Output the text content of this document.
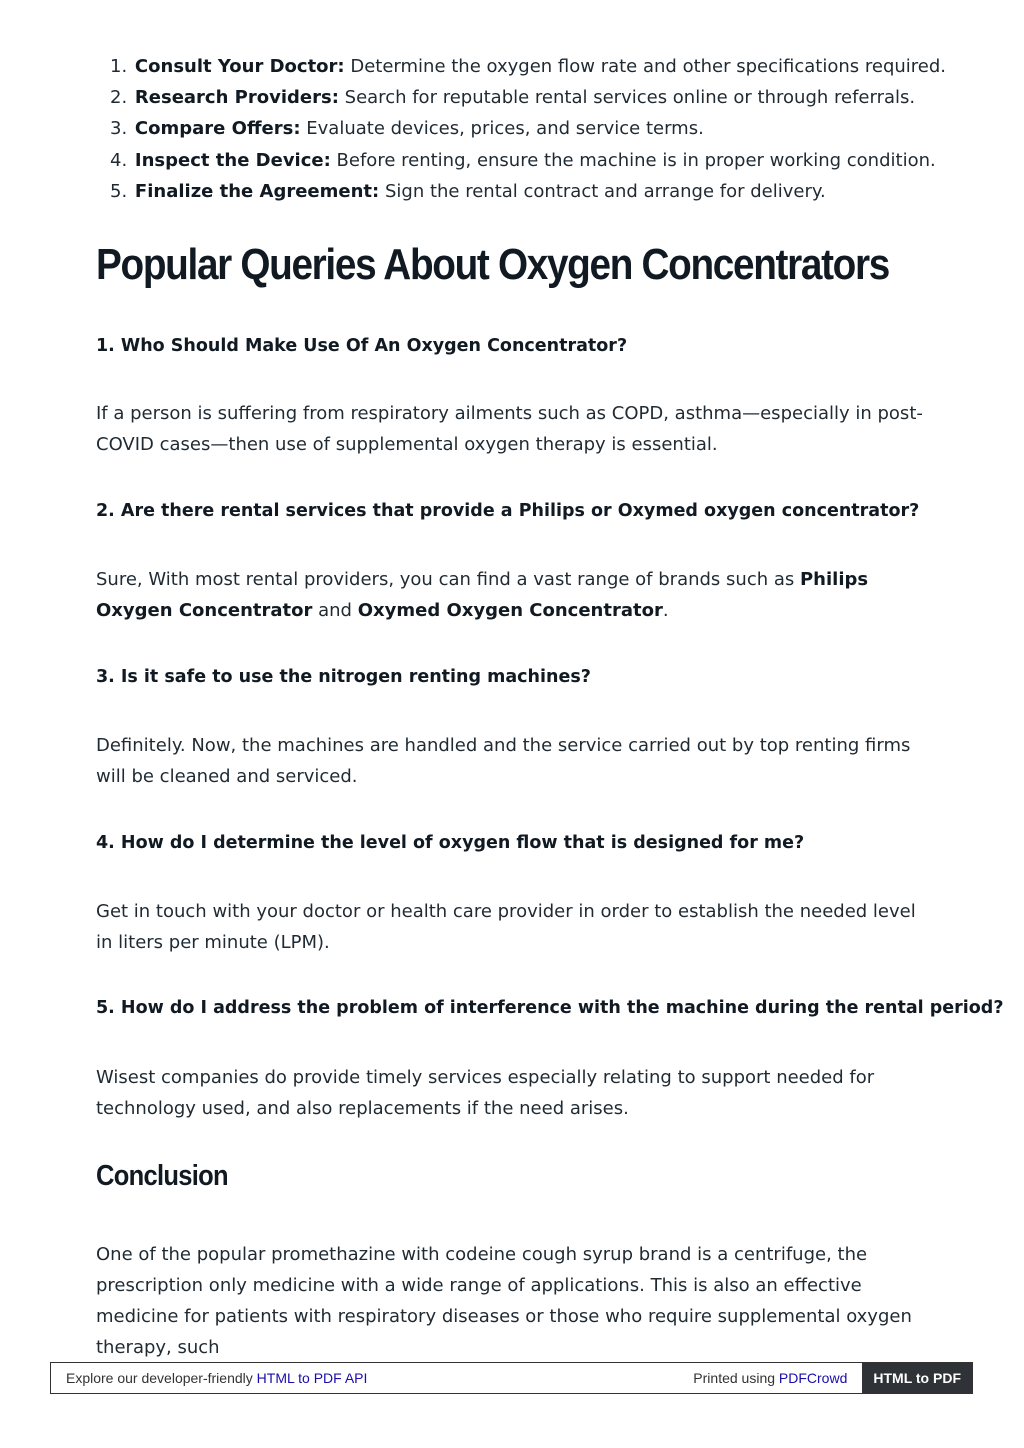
1. Consult Your Doctor: Determine the oxygen flow rate and other specifications required.
2. Research Providers: Search for reputable rental services online or through referrals.
3. Compare Offers: Evaluate devices, prices, and service terms.
4. Inspect the Device: Before renting, ensure the machine is in proper working condition.
5. Finalize the Agreement: Sign the rental contract and arrange for delivery.
Popular Queries About Oxygen Concentrators

1. Who Should Make Use Of An Oxygen Concentrator?

If a person is suffering from respiratory ailments such as COPD, asthma—especially in post-COVID cases—then use of supplemental oxygen therapy is essential.

2. Are there rental services that provide a Philips or Oxymed oxygen concentrator?

Sure, With most rental providers, you can find a vast range of brands such as Philips Oxygen Concentrator and Oxymed Oxygen Concentrator.

3. Is it safe to use the nitrogen renting machines?

Definitely. Now, the machines are handled and the service carried out by top renting firms will be cleaned and serviced.

4. How do I determine the level of oxygen flow that is designed for me?

Get in touch with your doctor or health care provider in order to establish the needed level in liters per minute (LPM).

5. How do I address the problem of interference with the machine during the rental period?

Wisest companies do provide timely services especially relating to support needed for technology used, and also replacements if the need arises.

Conclusion

One of the popular promethazine with codeine cough syrup brand is a centrifuge, the prescription only medicine with a wide range of applications. This is also an effective medicine for patients with respiratory diseases or those who require supplemental oxygen therapy, such

Explore our developer-friendly HTML to PDF API	Printed using PDFCrowd	HTML to PDF
